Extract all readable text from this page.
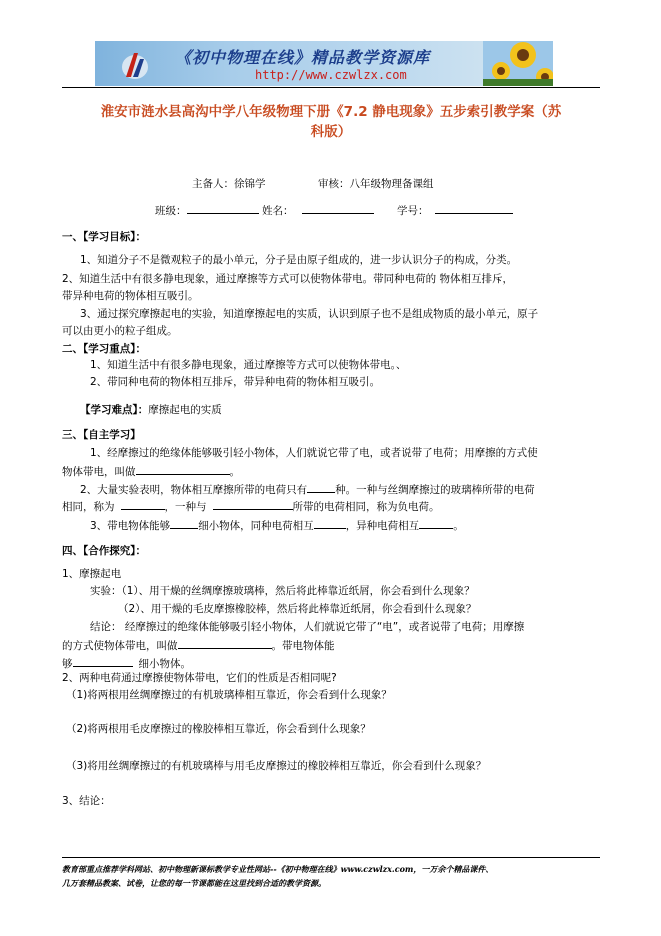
《初中物理在线》精品教学资源库
http://www.czwlzx.com
淮安市涟水县高沟中学八年级物理下册《7.2 静电现象》五步索引教学案（苏
科版）
主备人：徐锦学	审核：八年级物理备课组
班级：	姓名：	学号：
一、【学习目标】：
1、知道分子不是微观粒子的最小单元，分子是由原子组成的，进一步认识分子的构成，分类。
2、知道生活中有很多静电现象，通过摩擦等方式可以使物体带电。带同种电荷的 物体相互排斥，
带异种电荷的物体相互吸引。
3、通过探究摩擦起电的实验，知道摩擦起电的实质，认识到原子也不是组成物质的最小单元，原子
可以由更小的粒子组成。
二、【学习重点】：
1、知道生活中有很多静电现象，通过摩擦等方式可以使物体带电。、
2、带同种电荷的物体相互排斥，带异种电荷的物体相互吸引。
【学习难点】：摩擦起电的实质
三、【自主学习】
1、经摩擦过的绝缘体能够吸引轻小物体，人们就说它带了电，或者说带了电荷；用摩擦的方式使
物体带电，叫做	。
2、大量实验表明，物体相互摩擦所带的电荷只有	种。一种与丝绸摩擦过的玻璃棒所带的电荷
相同，称为	，一种与	所带的电荷相同，称为负电荷。
3、带电物体能够	细小物体，同种电荷相互	，异种电荷相互	。
四、【合作探究】：
1、摩擦起电
实验：（1）、用干燥的丝绸摩擦玻璃棒，然后将此棒靠近纸屑，你会看到什么现象？
（2）、用干燥的毛皮摩擦橡胶棒，然后将此棒靠近纸屑，你会看到什么现象？
结论： 经摩擦过的绝缘体能够吸引轻小物体，人们就说它带了“电”，或者说带了电荷；用摩擦
的方式使物体带电，叫做	。带电物体能
够	细小物体。
2、两种电荷通过摩擦使物体带电，它们的性质是否相同呢?
（1)将两根用丝绸摩擦过的有机玻璃棒相互靠近，你会看到什么现象？
（2)将两根用毛皮摩擦过的橡胶棒相互靠近，你会看到什么现象？
（3)将用丝绸摩擦过的有机玻璃棒与用毛皮摩擦过的橡胶棒相互靠近，你会看到什么现象？
3、结论：
教育部重点推荐学科网站、初中物理新课标教学专业性网站--《初中物理在线》www.czwlzx.com，一万余个精品课件、
几万套精品教案、试卷，让您的每一节课都能在这里找到合适的教学资源。
